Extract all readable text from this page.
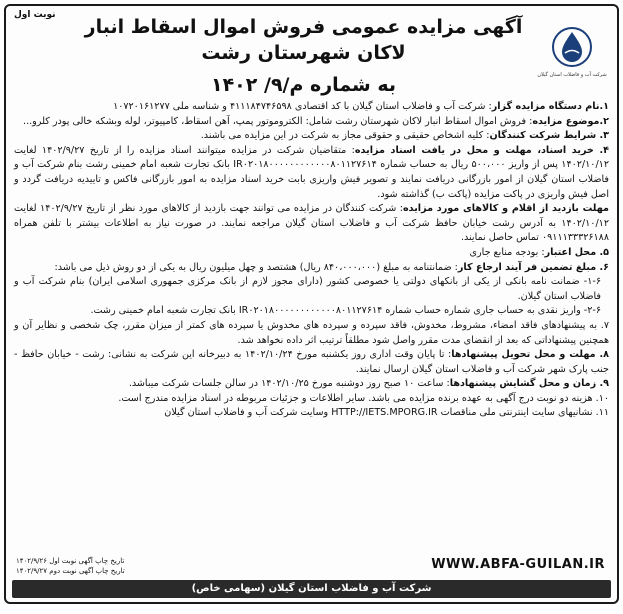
نوبت اول
شرکت آب و فاضلاب استان گیلان
آگهی مزایده عمومی فروش اموال اسقاط انبار لاکان شهرستان رشت
به شماره م/۹/ ۱۴۰۲

۱.نام دستگاه مزایده گزار: شرکت آب و فاضلاب استان گیلان با کد اقتصادی ۴۱۱۱۸۴۷۴۶۵۹۸ و شناسه ملی ۱۰۷۲۰۱۶۱۲۷۷

۲.موضوع مزایده: فروش اموال اسقاط انبار لاکان شهرستان رشت شامل: الکتروموتور پمپ، آهن اسقاط، کامپیوتر، لوله وبشکه خالی پودر کلرو...

۳. شرایط شرکت کنندگان: کلیه اشخاص حقیقی و حقوقی مجاز به شرکت در این مزایده می باشند.

۴. خرید اسناد، مهلت و محل در یافت اسناد مزایده: متقاضیان شرکت در مزایده میتوانند اسناد مزایده را از تاریخ ۱۴۰۲/۹/۲۷ لغایت ۱۴۰۲/۱۰/۱۲ پس از واریز ۵۰۰،۰۰۰ ریال به حساب شماره IR۰۲۰۱۸۰۰۰۰۰۰۰۰۰۰۰۰۸۰۱۱۲۷۶۱۴ بانک تجارت شعبه امام خمینی رشت بنام شرکت آب و فاضلاب استان گیلان از امور بازرگانی دریافت نمایند و تصویر فیش واریزی بابت خرید اسناد مزایده به امور بازرگانی فاکس و تاییدیه دریافت گردد و اصل فیش واریزی در پاکت مزایده (پاکت ب) گذاشته شود.

مهلت بازدید از اقلام و کالاهای مورد مزایده: شرکت کنندگان در مزایده می توانند جهت بازدید از کالاهای مورد نظر از تاریخ ۱۴۰۲/۹/۲۷ لغایت ۱۴۰۲/۱۰/۱۲ به آدرس رشت خیابان حافظ شرکت آب و فاضلاب استان گیلان مراجعه نمایند. در صورت نیاز به اطلاعات بیشتر با تلفن همراه ۰۹۱۱۱۳۳۳۲۶۱۸۸ تماس حاصل نمایند.

۵. محل اعتبار: بودجه منابع جاری

۶. مبلغ تضمین فر آیند ارجاع کار: ضمانتنامه به مبلغ (۸۴۰،۰۰۰،۰۰۰ ریال) هشتصد و چهل میلیون ریال به یکی از دو روش ذیل می باشد:

۱-۶- ضمانت نامه بانکی از یکی از بانکهای دولتی یا خصوصی کشور (دارای مجوز لازم از بانک مرکزی جمهوری اسلامی ایران) بنام شرکت آب و فاضلاب استان گیلان.

۲-۶- واریز نقدی به حساب جاری شماره حساب شماره IR۰۲۰۱۸۰۰۰۰۰۰۰۰۰۰۰۰۸۰۱۱۲۷۶۱۴ بانک تجارت شعبه امام خمینی رشت.

۷. به پیشنهادهای فاقد امضاء، مشروط، مخدوش، فاقد سپرده و سپرده های مخدوش یا سپرده های کمتر از میزان مقرر، چک شخصی و نظایر آن و همچنین پیشنهاداتی که بعد از انقضای مدت مقرر واصل شود مطلقاً ترتیب اثر داده نخواهد شد.

۸. مهلت و محل تحویل پیشنهادها: تا پایان وقت اداری روز یکشنبه مورخ ۱۴۰۲/۱۰/۲۴ به دبیرخانه این شرکت به نشانی: رشت - خیابان حافظ - جنب پارک شهر شرکت آب و فاضلاب استان گیلان ارسال نمایند.

۹. زمان و محل گشایش پیشنهادها: ساعت ۱۰ صبح روز دوشنبه مورخ ۱۴۰۲/۱۰/۲۵ در سالن جلسات شرکت میباشد.

۱۰. هزینه دو نوبت درج آگهی به عهده برنده مزایده می باشد. سایر اطلاعات و جزئیات مربوطه در اسناد مزایده مندرج است.

۱۱. نشانیهای سایت اینترنتی ملی مناقصات HTTP://IETS.MPORG.IR وسایت شرکت آب و فاضلاب استان گیلان

تاریخ چاپ آگهی نوبت اول ۱۴۰۲/۹/۲۶
تاریخ چاپ آگهی نوبت دوم ۱۴۰۲/۹/۲۷	WWW.ABFA-GUILAN.IR
شرکت آب و فاضلاب استان گیلان (سهامی خاص)
